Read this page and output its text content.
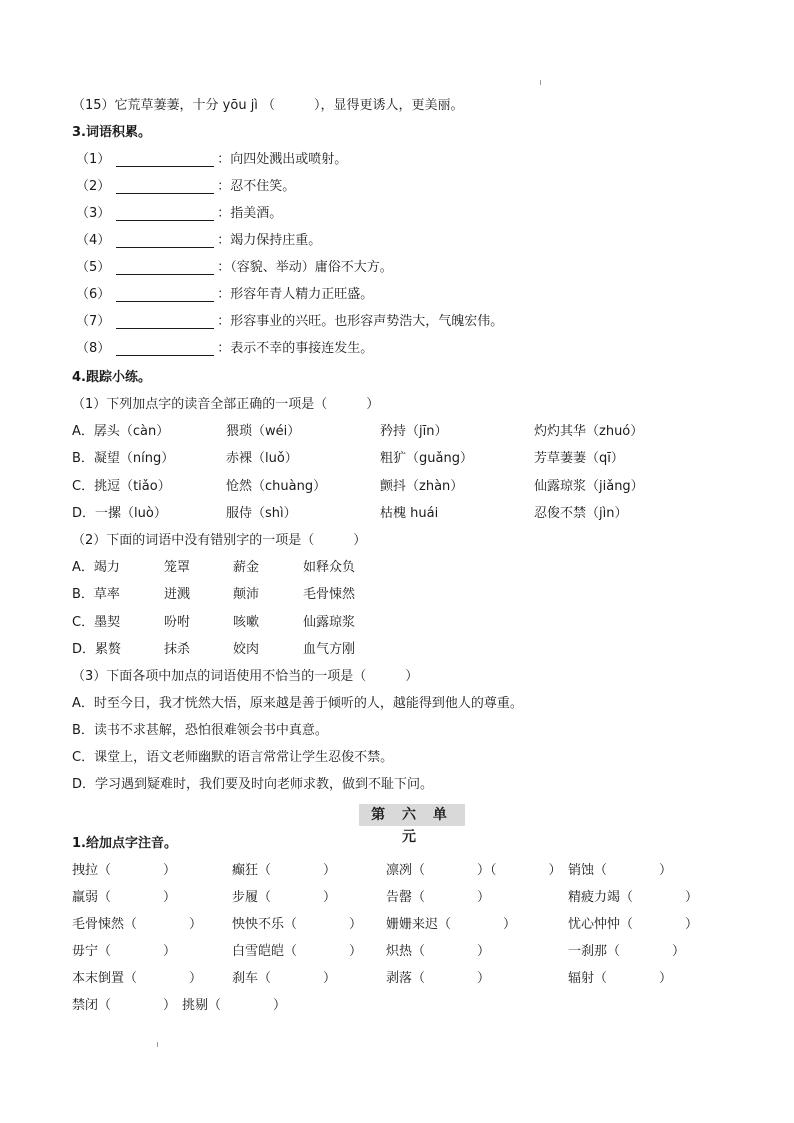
（15）它荒草萋萋，十分 yōu jì （　　　），显得更诱人，更美丽。
3.词语积累。
（1）	：向四处溅出或喷射。
（2）	：忍不住笑。
（3）	：指美酒。
（4）	：竭力保持庄重。
（5）	：（容貌、举动）庸俗不大方。
（6）	：形容年青人精力正旺盛。
（7）	：形容事业的兴旺。也形容声势浩大，气魄宏伟。
（8）	：表示不幸的事接连发生。
4.跟踪小练。
（1）下列加点字的读音全部正确的一项是（　　　）
A．孱头（càn）	猥琐（wéi）	矜持（jīn）	灼灼其华（zhuó）
B．凝望（níng）	赤裸（luǒ）	粗犷（guǎng）	芳草萋萋（qī）
C．挑逗（tiǎo）	怆然（chuàng）	颤抖（zhàn）	仙露琼浆（jiǎng）
D．一摞（luò）	服侍（shì）	枯槐 huái	忍俊不禁（jìn）
（2）下面的词语中没有错别字的一项是（　　　）
A．竭力	笼罩	薪金	如释众负
B．草率	迸溅	颠沛	毛骨悚然
C．墨契	吩咐	咳嗽	仙露琼浆
D．累赘	抹杀	姣肉	血气方刚
（3）下面各项中加点的词语使用不恰当的一项是（　　　）
A．时至今日，我才恍然大悟，原来越是善于倾听的人，越能得到他人的尊重。
B．读书不求甚解，恐怕很难领会书中真意。
C．课堂上，语文老师幽默的语言常常让学生忍俊不禁。
D．学习遇到疑难时，我们要及时向老师求教，做到不耻下问。
第 六 单 元
1.给加点字注音。
拽拉（　　　　）	癫狂（　　　　）	凛冽（　　　　）（　　　　） 销蚀（　　　　）
羸弱（　　　　）	步履（　　　　）	告罄（　　　　）	精疲力竭（　　　　）
毛骨悚然（　　　　） 怏怏不乐（　　　　） 姗姗来迟（　　　　）	忧心忡忡（　　　　）
毋宁（　　　　）	白雪皑皑（　　　　） 炽热（　　　　）	一刹那（　　　　）
本末倒置（　　　　） 刹车（　　　　）	剥落（　　　　）	辐射（　　　　）
禁闭（　　　　） 挑剔（　　　　）
